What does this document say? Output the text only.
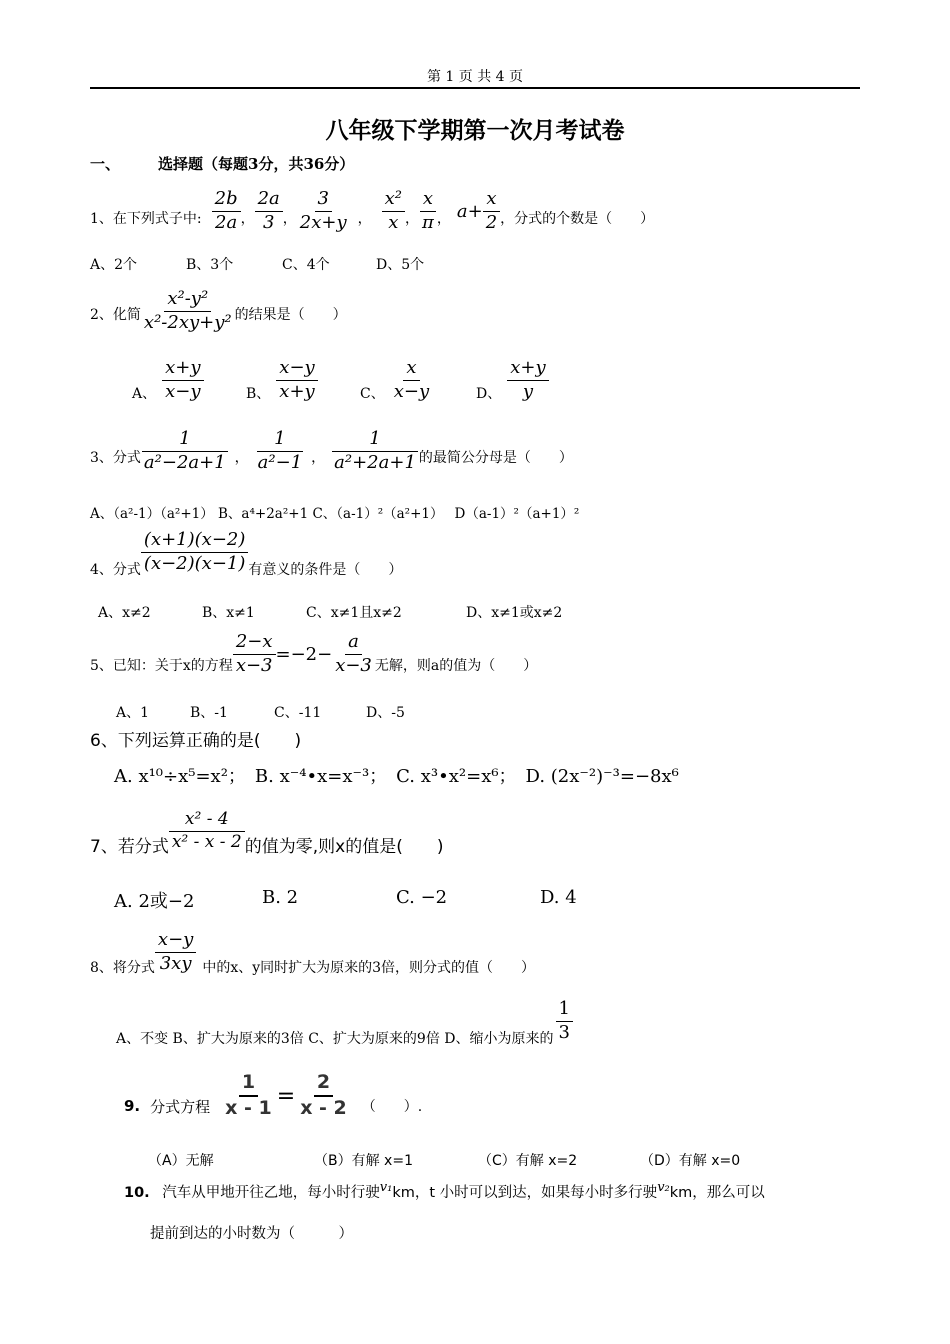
第 1 页 共 4 页
八年级下学期第一次月考试卷
一、	选择题（每题3分，共36分）
1、在下列式子中: $\frac{2b}{2a}$ ， $\frac{2a}{3}$ ， $\frac{3}{2x+y}$ ， $\frac{\text{x²}}{x}$ ， $\frac{x}{\pi}$ ， $a+ \frac{x}{2}$ ，分式的个数是（　　）
A、2个	B、3个	C、4个	D、5个
2、化简 $\frac{\text{x²-y²}}{\text{x²-2xy+y²}}$ 的结果是（　　）
A、 $\frac{x+y}{x-y}$	B、 $\frac{x-y}{x+y}$	C、 $\frac{x}{x-y}$	D、 $\frac{x+y}{y}$
3、分式 $\frac{1}{\text{a²−2a+1}}$ ， $\frac{1}{\text{a²−1}}$ ， $\frac{1}{\text{a²+2a+1}}$ 的最简公分母是（　　）
A、（a²-1）（a²+1） B、a⁴+2a²+1 C、（a-1）²（a²+1）　 D（a-1）²（a+1）²
4、分式 $\frac{(x+1)(x-2)}{(x-2)(x-1)}$ 有意义的条件是（　　）
A、x≠2	B、x≠1	C、x≠1且x≠2	D、x≠1或x≠2
5、已知：关于x的方程 $\frac{2-x}{x-3} =-2- \frac{a}{x-3}$ 无解，则a的值为（　　）
A、1	B、-1	C、-11	D、-5
6、下列运算正确的是(　　)
A. x¹⁰÷x⁵=x²；　B. x⁻⁴•x=x⁻³；　C. x³•x²=x⁶；　D. (2x⁻²)⁻³=−8x⁶
7、若分式 $\frac{\text{x² - 4}}{\text{x² - x - 2}}$ 的值为零,则x的值是(　　)
A. 2或−2	B. 2	C. −2	D. 4
8、将分式 $\frac{x-y}{3xy}$ 中的x、y同时扩大为原来的3倍，则分式的值（　　）
A、不变 B、扩大为原来的3倍 C、扩大为原来的9倍 D、缩小为原来的 $\frac{1}{3}$
9. 分式方程 $\frac{1}{x - 1} = \frac{2}{x - 2}$ （　　）.
（A）无解	（B）有解 x=1	（C）有解 x=2	（D）有解 x=0
10. 汽车从甲地开往乙地，每小时行驶v₁km，t 小时可以到达，如果每小时多行驶v₂km，那么可以
提前到达的小时数为（　　　）
